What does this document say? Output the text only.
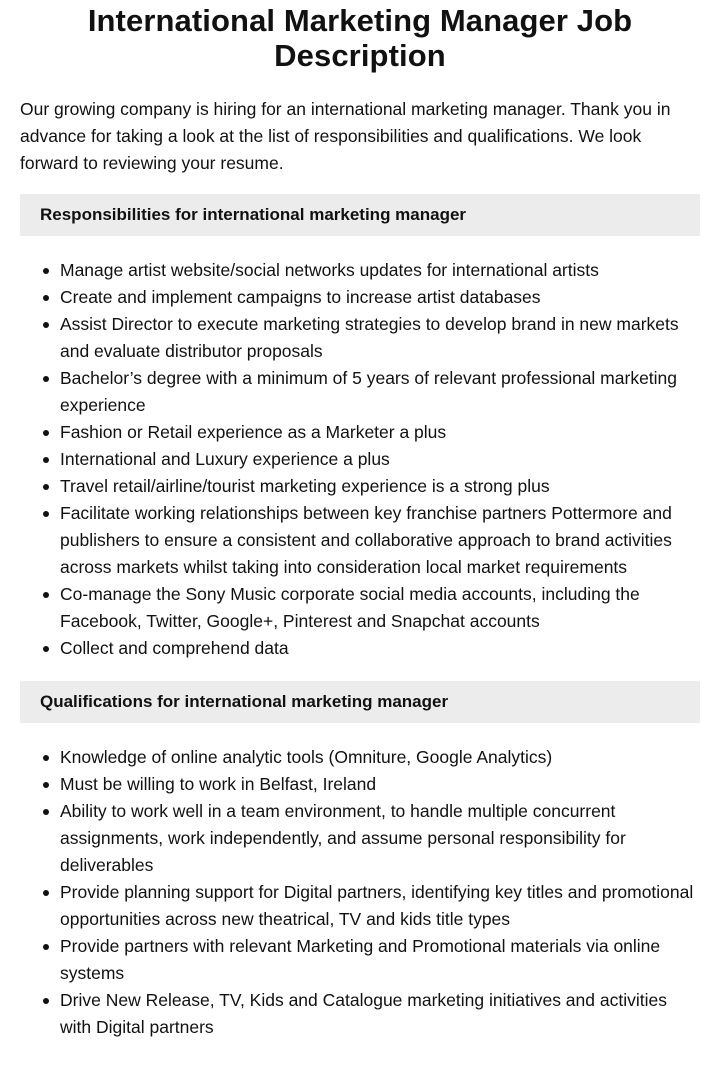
International Marketing Manager Job Description

Our growing company is hiring for an international marketing manager. Thank you in advance for taking a look at the list of responsibilities and qualifications. We look forward to reviewing your resume.

Responsibilities for international marketing manager
Manage artist website/social networks updates for international artists
Create and implement campaigns to increase artist databases
Assist Director to execute marketing strategies to develop brand in new markets and evaluate distributor proposals
Bachelor’s degree with a minimum of 5 years of relevant professional marketing experience
Fashion or Retail experience as a Marketer a plus
International and Luxury experience a plus
Travel retail/airline/tourist marketing experience is a strong plus
Facilitate working relationships between key franchise partners Pottermore and publishers to ensure a consistent and collaborative approach to brand activities across markets whilst taking into consideration local market requirements
Co-manage the Sony Music corporate social media accounts, including the Facebook, Twitter, Google+, Pinterest and Snapchat accounts
Collect and comprehend data
Qualifications for international marketing manager
Knowledge of online analytic tools (Omniture, Google Analytics)
Must be willing to work in Belfast, Ireland
Ability to work well in a team environment, to handle multiple concurrent assignments, work independently, and assume personal responsibility for deliverables
Provide planning support for Digital partners, identifying key titles and promotional opportunities across new theatrical, TV and kids title types
Provide partners with relevant Marketing and Promotional materials via online systems
Drive New Release, TV, Kids and Catalogue marketing initiatives and activities with Digital partners
